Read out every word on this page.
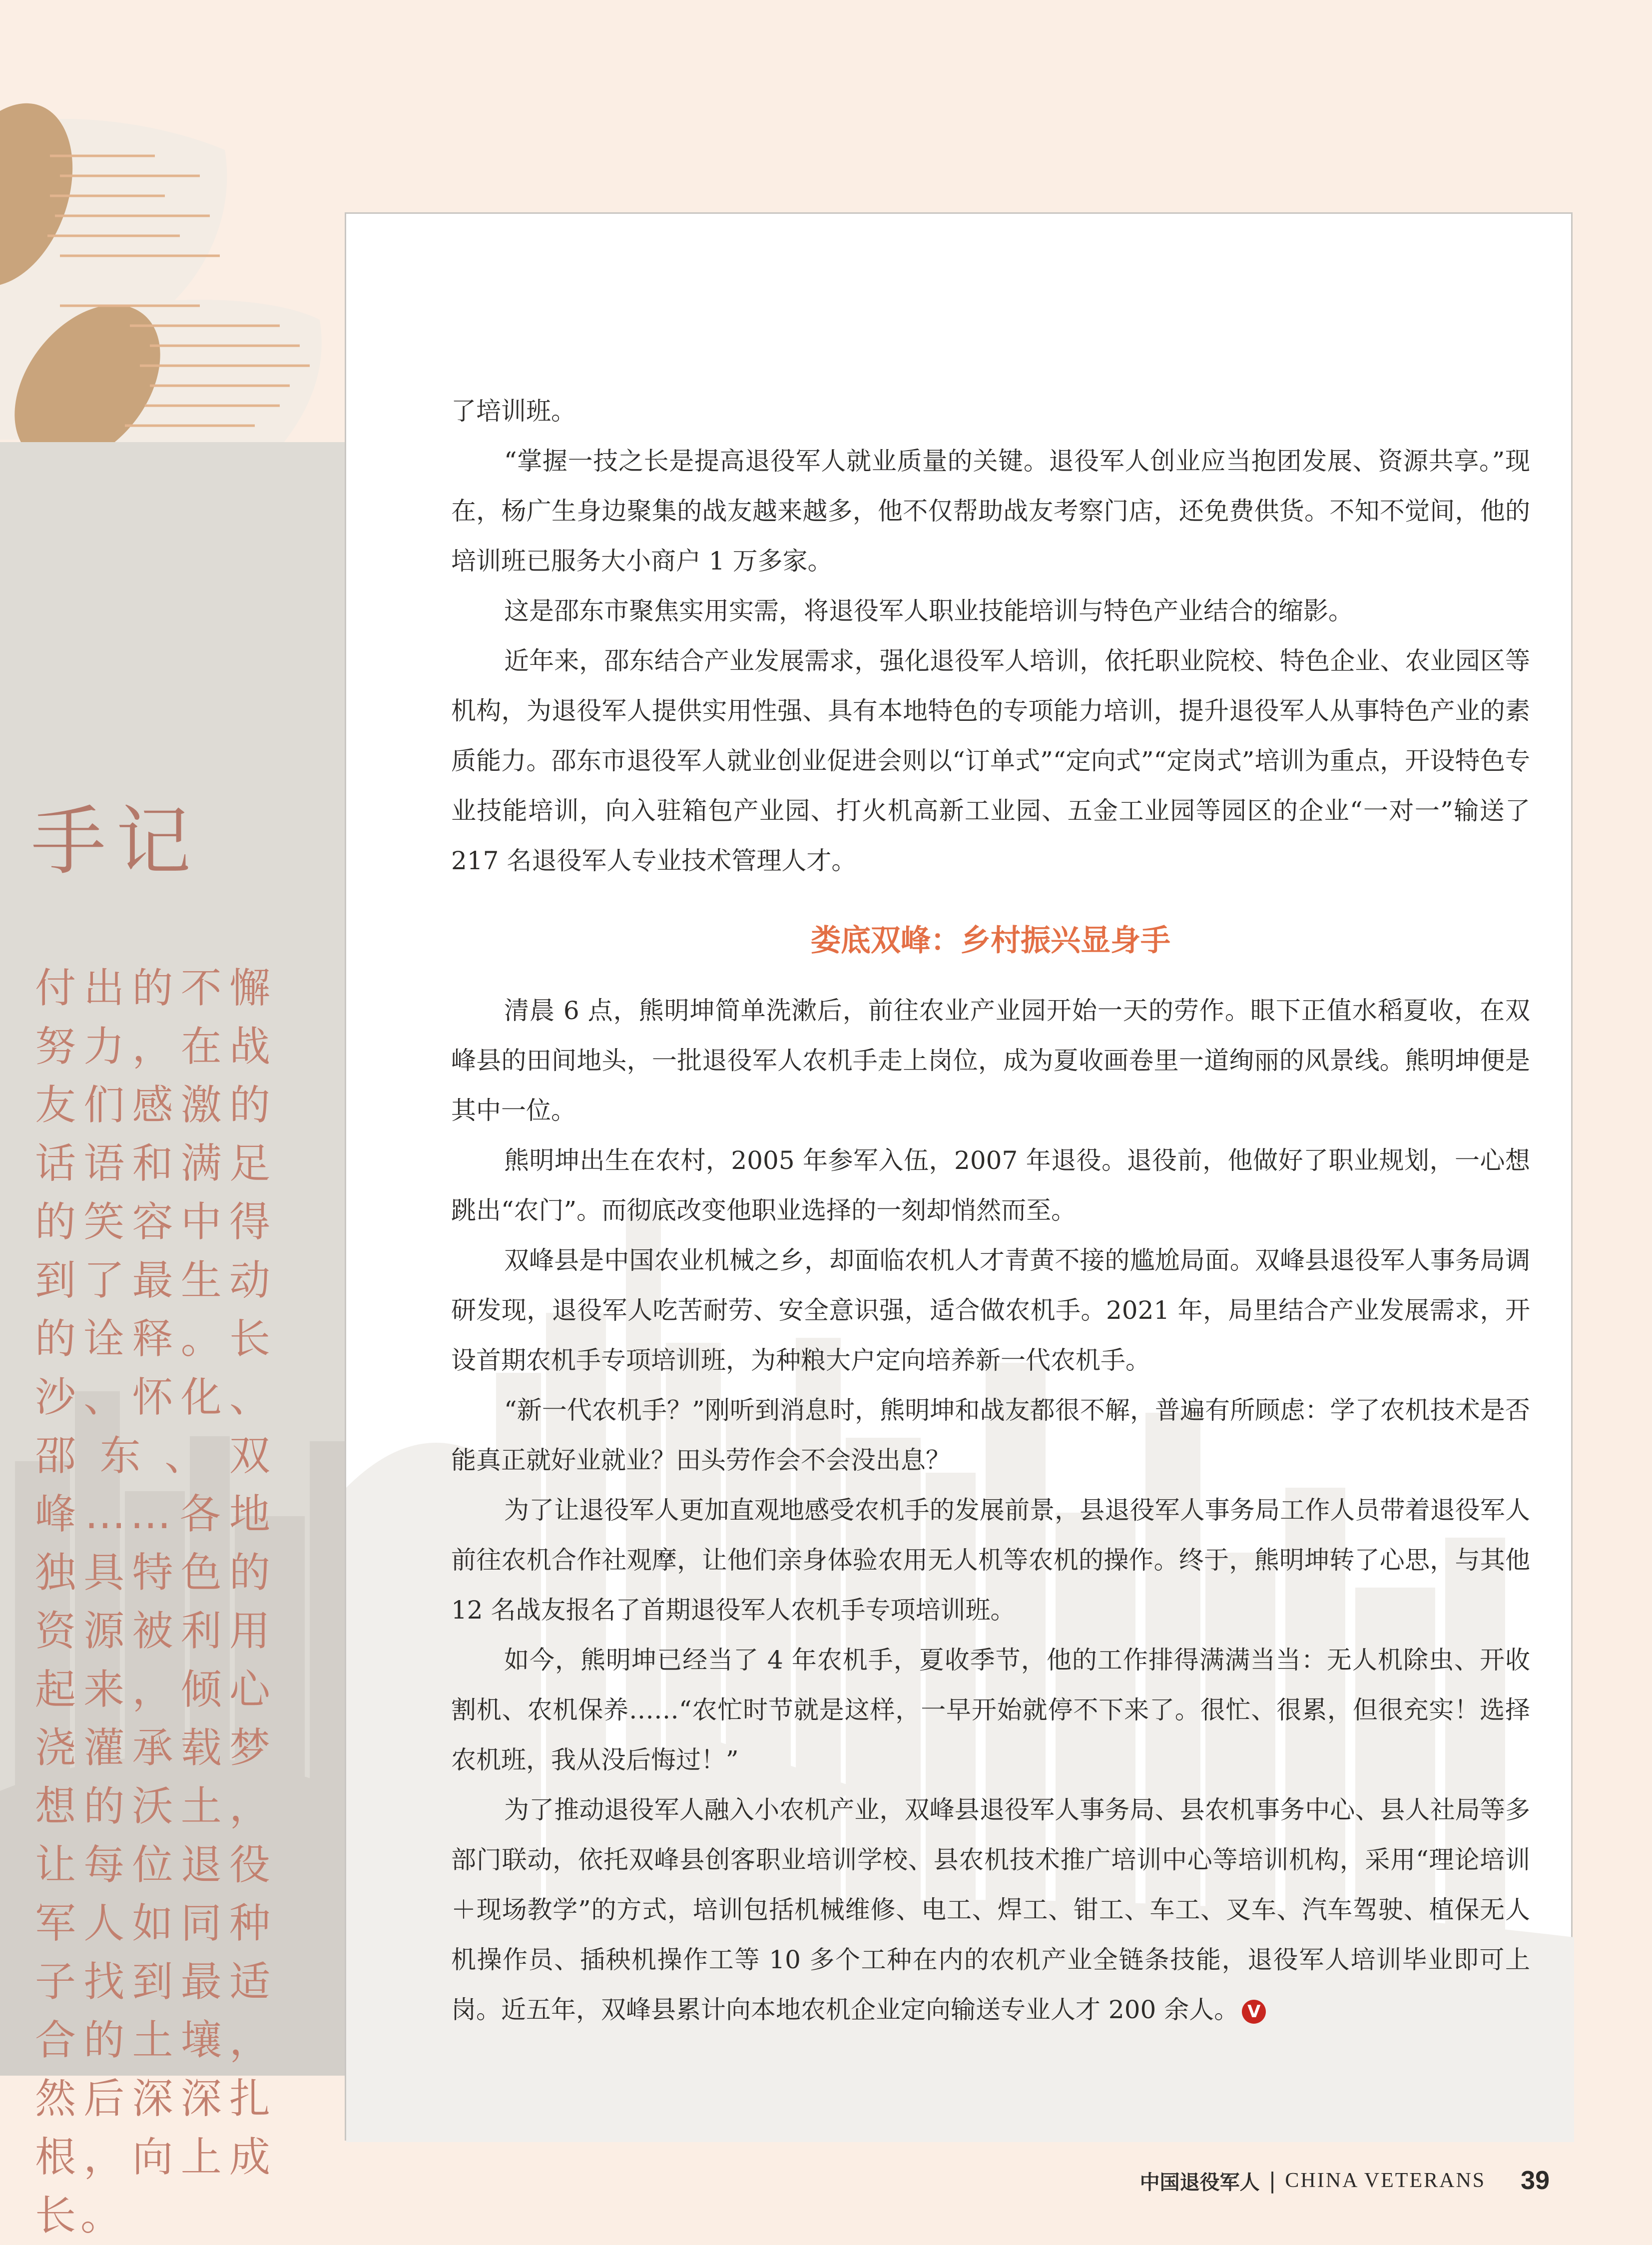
手记
付出的不懈努力，在战友们感激的话语和满足的笑容中得到了最生动的诠释。长沙、怀化、邵东、双峰……各地独具特色的资源被利用起来，倾心浇灌承载梦想的沃土，让每位退役军人如同种子找到最适合的土壤，然后深深扎根，向上成长。

了培训班。

“掌握一技之长是提高退役军人就业质量的关键。退役军人创业应当抱团发展、资源共享。”现在，杨广生身边聚集的战友越来越多，他不仅帮助战友考察门店，还免费供货。不知不觉间，他的培训班已服务大小商户 1 万多家。

这是邵东市聚焦实用实需，将退役军人职业技能培训与特色产业结合的缩影。

近年来，邵东结合产业发展需求，强化退役军人培训，依托职业院校、特色企业、农业园区等机构，为退役军人提供实用性强、具有本地特色的专项能力培训，提升退役军人从事特色产业的素质能力。邵东市退役军人就业创业促进会则以“订单式”“定向式”“定岗式”培训为重点，开设特色专业技能培训，向入驻箱包产业园、打火机高新工业园、五金工业园等园区的企业“一对一”输送了 217 名退役军人专业技术管理人才。

娄底双峰：乡村振兴显身手

清晨 6 点，熊明坤简单洗漱后，前往农业产业园开始一天的劳作。眼下正值水稻夏收，在双峰县的田间地头，一批退役军人农机手走上岗位，成为夏收画卷里一道绚丽的风景线。熊明坤便是其中一位。

熊明坤出生在农村，2005 年参军入伍，2007 年退役。退役前，他做好了职业规划，一心想跳出“农门”。而彻底改变他职业选择的一刻却悄然而至。

双峰县是中国农业机械之乡，却面临农机人才青黄不接的尴尬局面。双峰县退役军人事务局调研发现，退役军人吃苦耐劳、安全意识强，适合做农机手。2021 年，局里结合产业发展需求，开设首期农机手专项培训班，为种粮大户定向培养新一代农机手。

“新一代农机手？”刚听到消息时，熊明坤和战友都很不解，普遍有所顾虑：学了农机技术是否能真正就好业就业？田头劳作会不会没出息？

为了让退役军人更加直观地感受农机手的发展前景，县退役军人事务局工作人员带着退役军人前往农机合作社观摩，让他们亲身体验农用无人机等农机的操作。终于，熊明坤转了心思，与其他 12 名战友报名了首期退役军人农机手专项培训班。

如今，熊明坤已经当了 4 年农机手，夏收季节，他的工作排得满满当当：无人机除虫、开收割机、农机保养……“农忙时节就是这样，一早开始就停不下来了。很忙、很累，但很充实！选择农机班，我从没后悔过！”

为了推动退役军人融入小农机产业，双峰县退役军人事务局、县农机事务中心、县人社局等多部门联动，依托双峰县创客职业培训学校、县农机技术推广培训中心等培训机构，采用“理论培训＋现场教学”的方式，培训包括机械维修、电工、焊工、钳工、车工、叉车、汽车驾驶、植保无人机操作员、插秧机操作工等 10 多个工种在内的农机产业全链条技能，退役军人培训毕业即可上岗。近五年，双峰县累计向本地农机企业定向输送专业人才 200 余人。 V

中国退役军人 | CHINA VETERANS 39
